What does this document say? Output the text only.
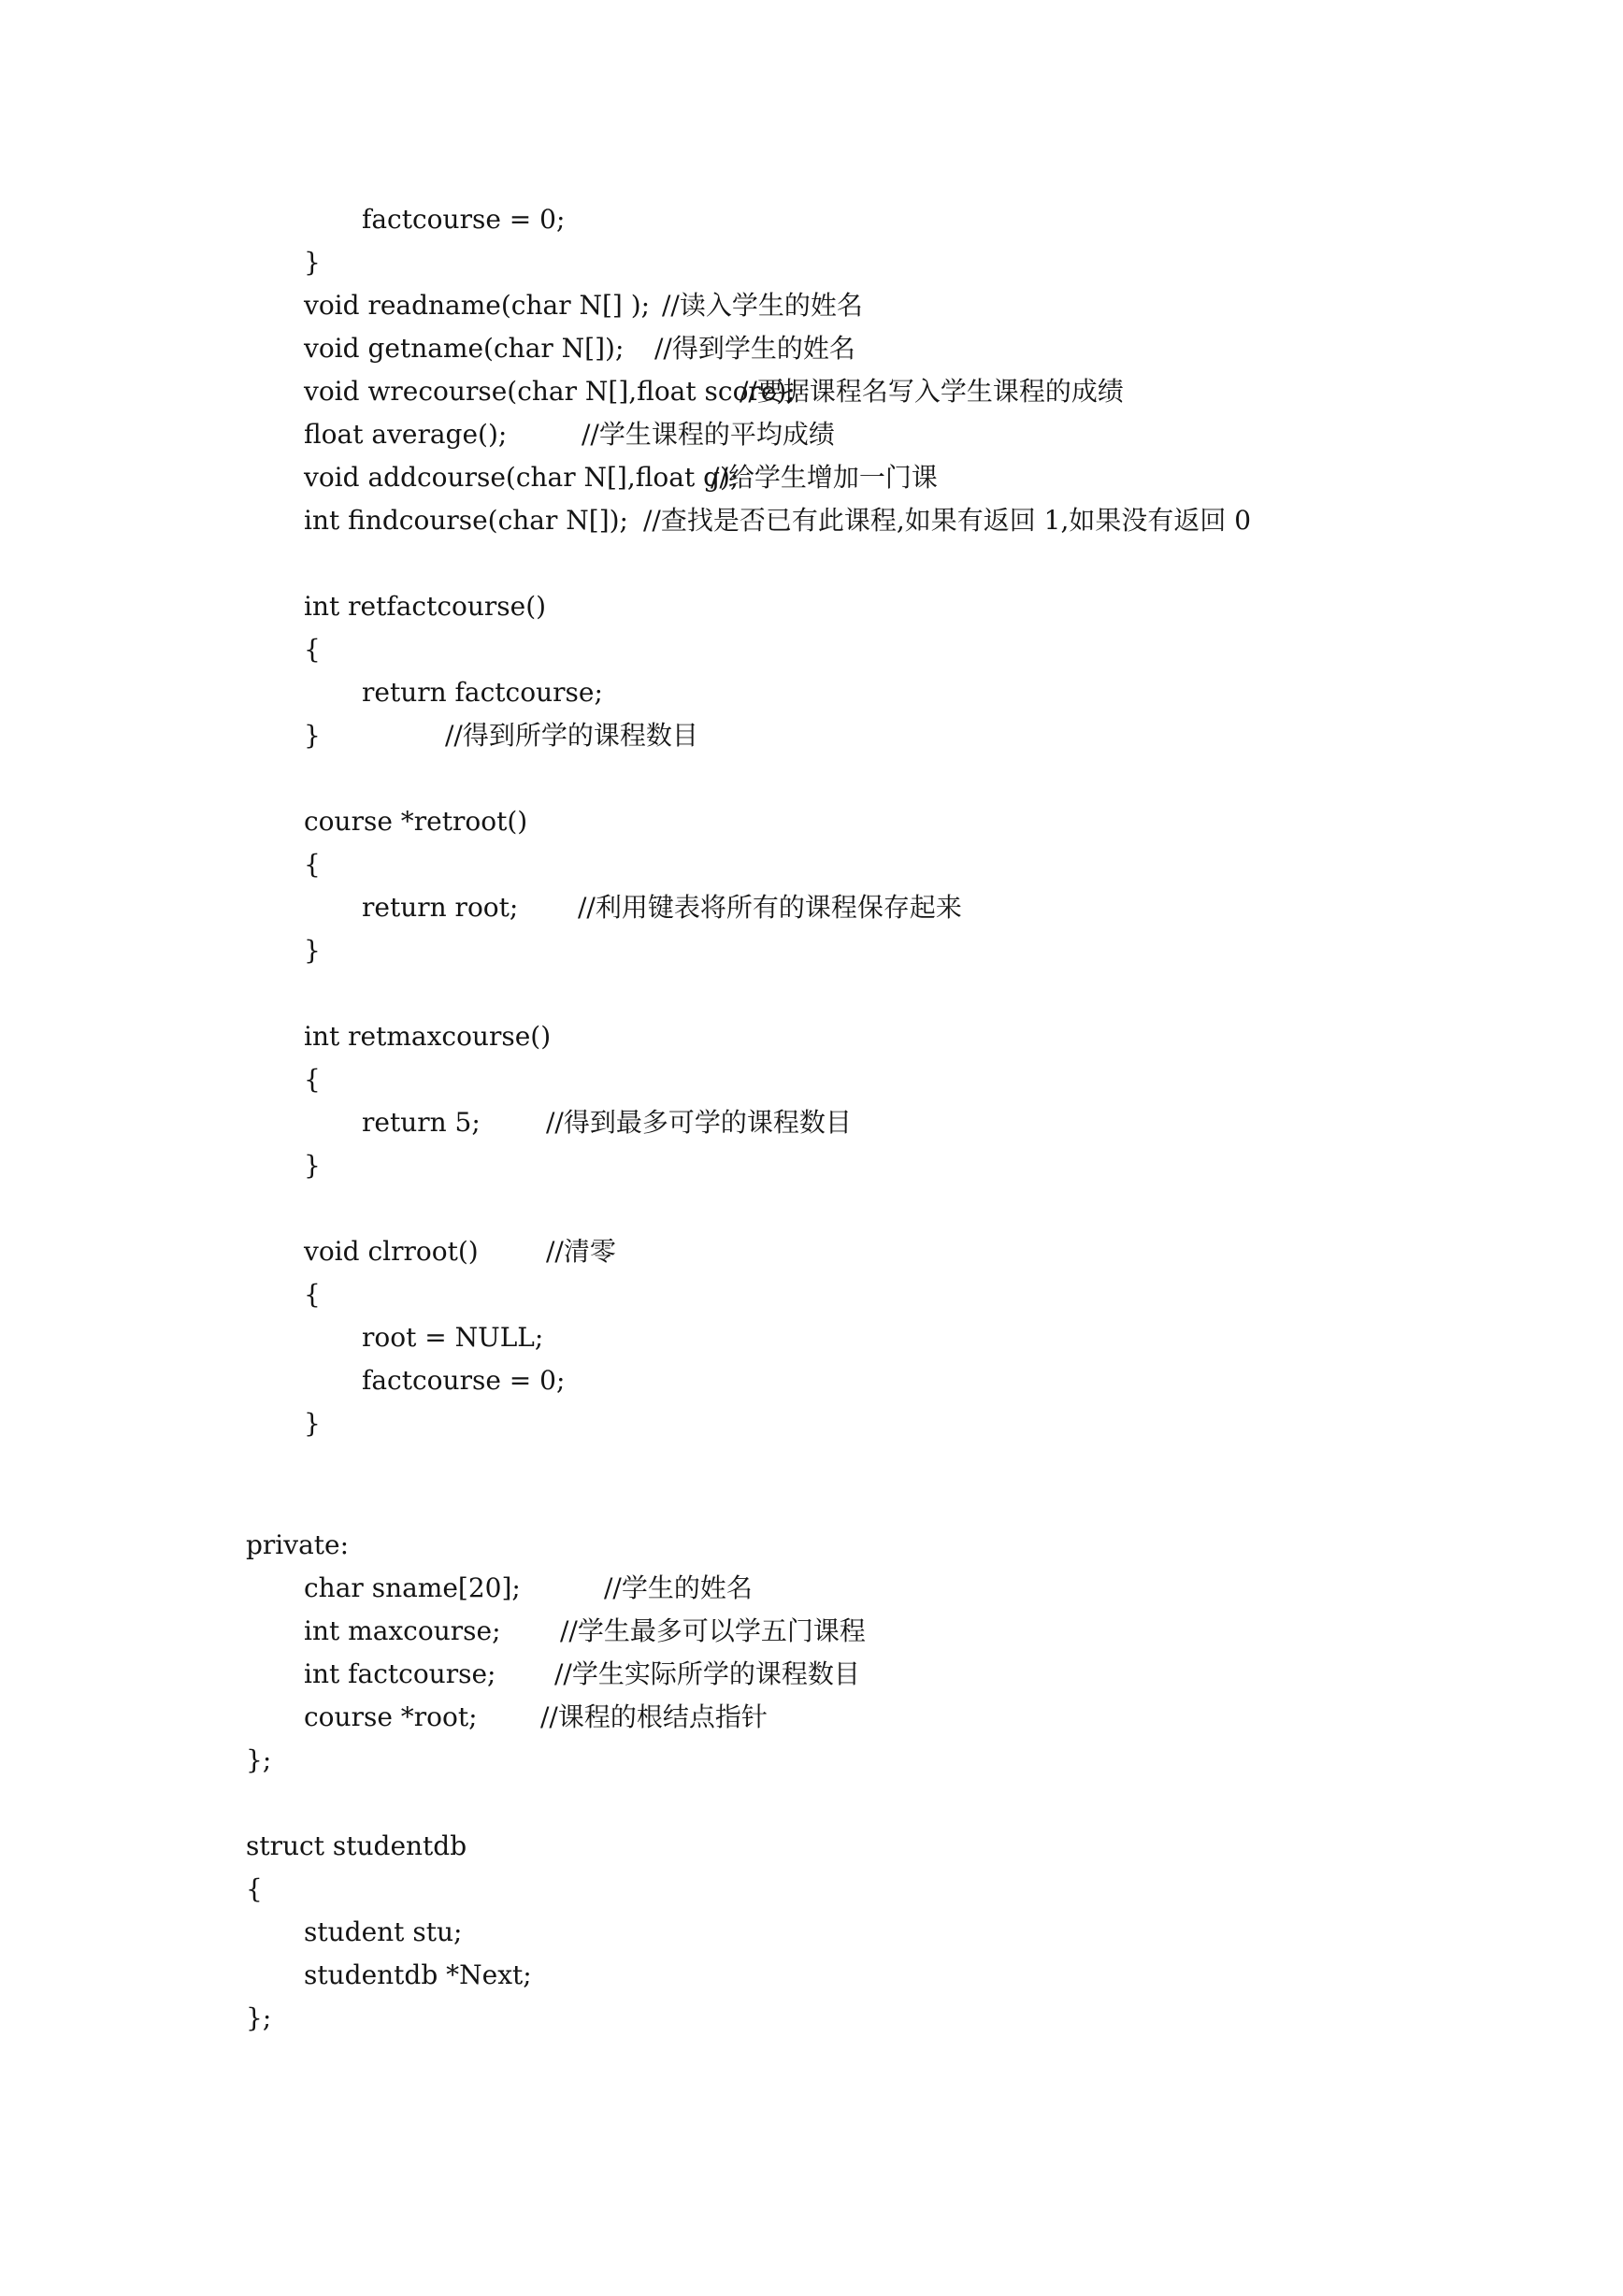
factcourse = 0;
}
void readname(char N[] ); //读入学生的姓名
void getname(char N[]); //得到学生的姓名
void wrecourse(char N[],float score);
//要据课程名写入学生课程的成绩
float average();	//学生课程的平均成绩
void addcourse(char N[],float g);
//给学生增加一门课
int findcourse(char N[]); //查找是否已有此课程,如果有返回 1,如果没有返回 0
int retfactcourse()
{
return factcourse;
}	//得到所学的课程数目
course *retroot()
{
return root; //利用键表将所有的课程保存起来
}
int retmaxcourse()
{
return 5;	//得到最多可学的课程数目
}
void clrroot()	//清零
{
root = NULL;
factcourse = 0;
}
private:
char sname[20];	//学生的姓名
int maxcourse; //学生最多可以学五门课程
int factcourse; //学生实际所学的课程数目
course *root; //课程的根结点指针
};
struct studentdb
{
student stu;
studentdb *Next;
};
